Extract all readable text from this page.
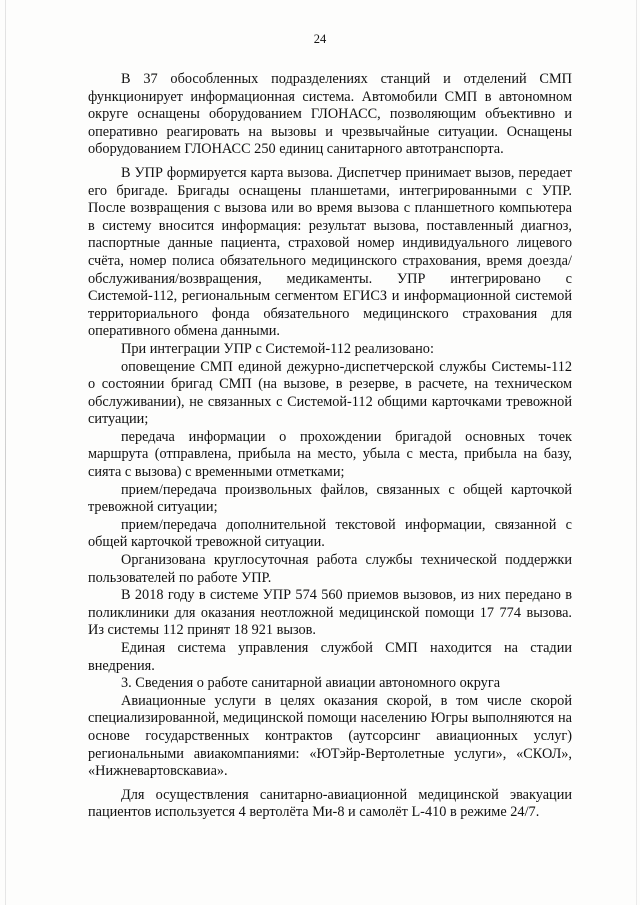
24

В 37 обособленных подразделениях станций и отделений СМП функционирует информационная система. Автомобили СМП в автономном округе оснащены оборудованием ГЛОНАСС, позволяющим объективно и оперативно реагировать на вызовы и чрезвычайные ситуации. Оснащены оборудованием ГЛОНАСС 250 единиц санитарного автотранспорта.

В УПР формируется карта вызова. Диспетчер принимает вызов, передает его бригаде. Бригады оснащены планшетами, интегрированными с УПР. После возвращения с вызова или во время вызова с планшетного компьютера в систему вносится информация: результат вызова, поставленный диагноз, паспортные данные пациента, страховой номер индивидуального лицевого счёта, номер полиса обязательного медицинского страхования, время доезда/обслуживания/возвращения, медикаменты. УПР интегрировано с Системой-112, региональным сегментом ЕГИСЗ и информационной системой территориального фонда обязательного медицинского страхования для оперативного обмена данными.

При интеграции УПР с Системой-112 реализовано:

оповещение СМП единой дежурно-диспетчерской службы Системы-112 о состоянии бригад СМП (на вызове, в резерве, в расчете, на техническом обслуживании), не связанных с Системой-112 общими карточками тревожной ситуации;

передача информации о прохождении бригадой основных точек маршрута (отправлена, прибыла на место, убыла с места, прибыла на базу, сията с вызова) с временными отметками;

прием/передача произвольных файлов, связанных с общей карточкой тревожной ситуации;

прием/передача дополнительной текстовой информации, связанной с общей карточкой тревожной ситуации.

Организована круглосуточная работа службы технической поддержки пользователей по работе УПР.

В 2018 году в системе УПР 574 560 приемов вызовов, из них передано в поликлиники для оказания неотложной медицинской помощи 17 774 вызова. Из системы 112 принят 18 921 вызов.

Единая система управления службой СМП находится на стадии внедрения.

3. Сведения о работе санитарной авиации автономного округа

Авиационные услуги в целях оказания скорой, в том числе скорой специализированной, медицинской помощи населению Югры выполняются на основе государственных контрактов (аутсорсинг авиационных услуг) региональными авиакомпаниями: «ЮТэйр-Вертолетные услуги», «СКОЛ», «Нижневартовскавиа».

Для осуществления санитарно-авиационной медицинской эвакуации пациентов используется 4 вертолёта Ми-8 и самолёт L-410 в режиме 24/7.
